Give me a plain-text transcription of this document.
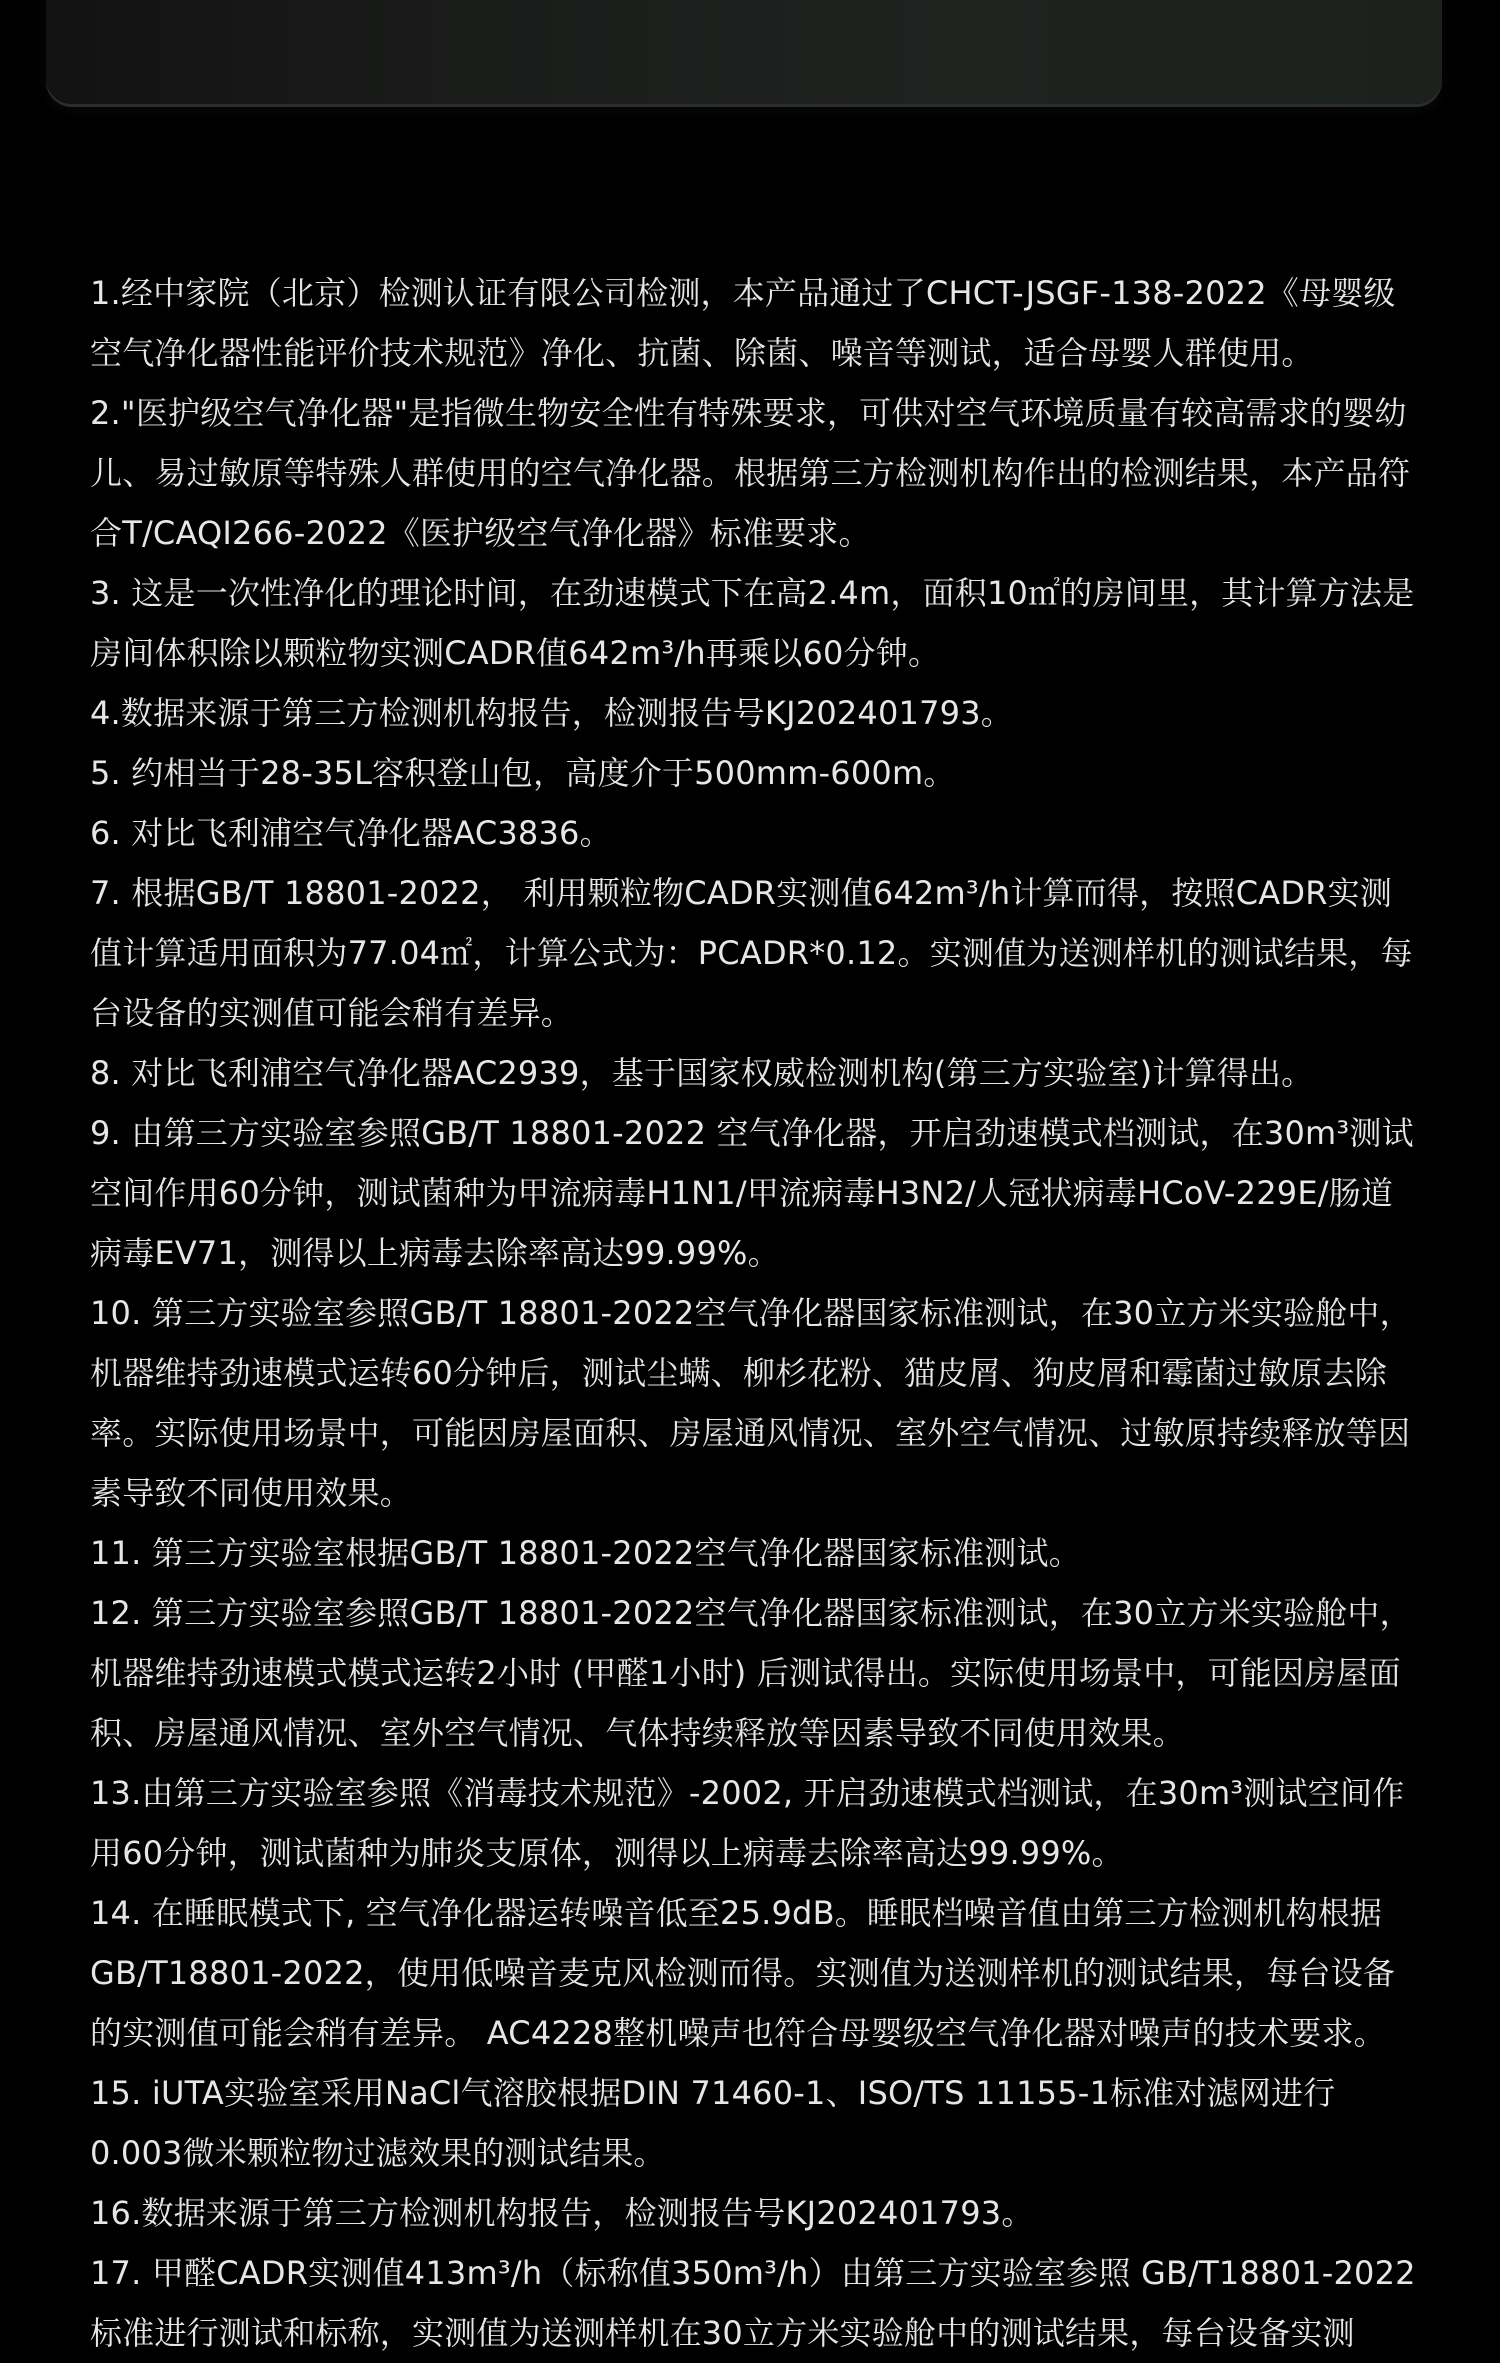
1.经中家院（北京）检测认证有限公司检测，本产品通过了CHCT-JSGF-138-2022《母婴级空气净化器性能评价技术规范》净化、抗菌、除菌、噪音等测试，适合母婴人群使用。
2."医护级空气净化器"是指微生物安全性有特殊要求，可供对空气环境质量有较高需求的婴幼儿、易过敏原等特殊人群使用的空气净化器。根据第三方检测机构作出的检测结果，本产品符合T/CAQI266-2022《医护级空气净化器》标准要求。
3. 这是一次性净化的理论时间，在劲速模式下在高2.4m，面积10㎡的房间里，其计算方法是房间体积除以颗粒物实测CADR值642m³/h再乘以60分钟。
4.数据来源于第三方检测机构报告，检测报告号KJ202401793。
5. 约相当于28-35L容积登山包，高度介于500mm-600m。
6. 对比飞利浦空气净化器AC3836。
7. 根据GB/T 18801-2022， 利用颗粒物CADR实测值642m³/h计算而得，按照CADR实测值计算适用面积为77.04㎡，计算公式为：PCADR*0.12。实测值为送测样机的测试结果，每台设备的实测值可能会稍有差异。
8. 对比飞利浦空气净化器AC2939，基于国家权威检测机构(第三方实验室)计算得出。
9. 由第三方实验室参照GB/T 18801-2022 空气净化器，开启劲速模式档测试，在30m³测试空间作用60分钟，测试菌种为甲流病毒H1N1/甲流病毒H3N2/人冠状病毒HCoV-229E/肠道病毒EV71，测得以上病毒去除率高达99.99%。
10. 第三方实验室参照GB/T 18801-2022空气净化器国家标准测试，在30立方米实验舱中，机器维持劲速模式运转60分钟后，测试尘螨、柳杉花粉、猫皮屑、狗皮屑和霉菌过敏原去除率。实际使用场景中，可能因房屋面积、房屋通风情况、室外空气情况、过敏原持续释放等因素导致不同使用效果。
11. 第三方实验室根据GB/T 18801-2022空气净化器国家标准测试。
12. 第三方实验室参照GB/T 18801-2022空气净化器国家标准测试，在30立方米实验舱中，机器维持劲速模式模式运转2小时 (甲醛1小时) 后测试得出。实际使用场景中，可能因房屋面积、房屋通风情况、室外空气情况、气体持续释放等因素导致不同使用效果。
13.由第三方实验室参照《消毒技术规范》-2002, 开启劲速模式档测试，在30m³测试空间作用60分钟，测试菌种为肺炎支原体，测得以上病毒去除率高达99.99%。
14. 在睡眠模式下, 空气净化器运转噪音低至25.9dB。睡眠档噪音值由第三方检测机构根据GB/T18801-2022，使用低噪音麦克风检测而得。实测值为送测样机的测试结果，每台设备的实测值可能会稍有差异。 AC4228整机噪声也符合母婴级空气净化器对噪声的技术要求。
15. iUTA实验室采用NaCl气溶胶根据DIN 71460-1、ISO/TS 11155-1标准对滤网进行0.003微米颗粒物过滤效果的测试结果。
16.数据来源于第三方检测机构报告，检测报告号KJ202401793。
17. 甲醛CADR实测值413m³/h（标称值350m³/h）由第三方实验室参照 GB/T18801-2022标准进行测试和标称，实测值为送测样机在30立方米实验舱中的测试结果，每台设备实测
